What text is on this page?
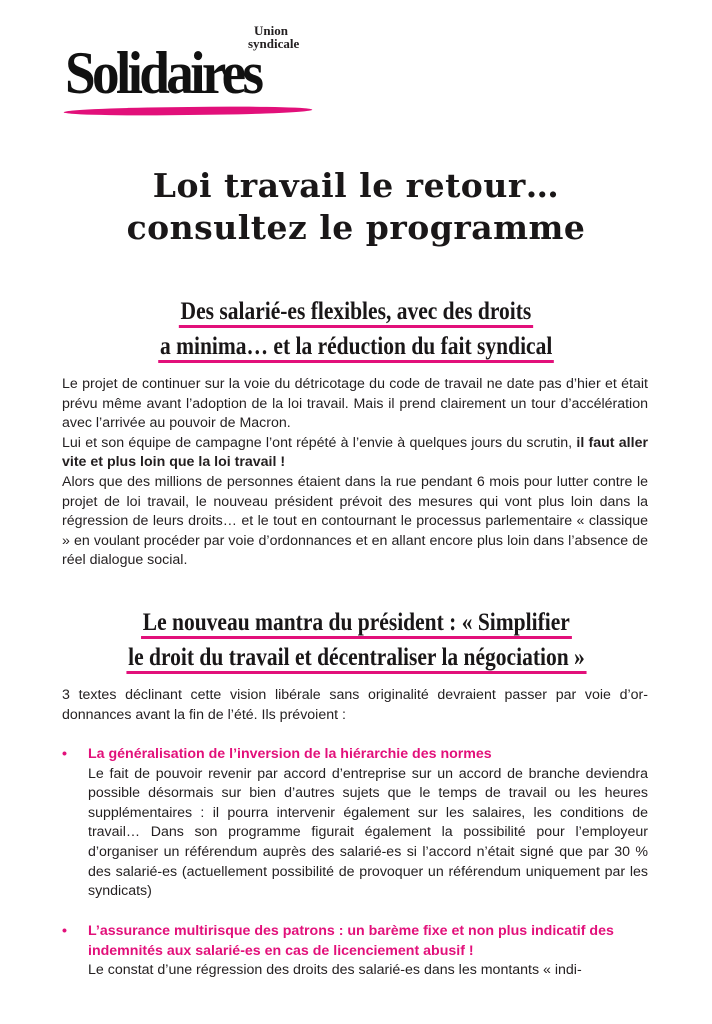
Union
syndicale
Solidaires
Loi travail le retour…
consultez le programme
Des salarié-es flexibles, avec des droits
a minima… et la réduction du fait syndical

Le projet de continuer sur la voie du détricotage du code de travail ne date pas d’hier et était prévu même avant l’adoption de la loi travail. Mais il prend clairement un tour d’accélération avec l’arrivée au pouvoir de Macron.

Lui et son équipe de campagne l’ont répété à l’envie à quelques jours du scrutin, il faut aller vite et plus loin que la loi travail !

Alors que des millions de personnes étaient dans la rue pendant 6 mois pour lutter contre le projet de loi travail, le nouveau président prévoit des mesures qui vont plus loin dans la régression de leurs droits… et le tout en contournant le processus parlementaire « classique » en voulant procéder par voie d’ordonnances et en allant encore plus loin dans l’absence de réel dialogue social.

Le nouveau mantra du président : « Simplifier
le droit du travail et décentraliser la négociation »

3 textes déclinant cette vision libérale sans originalité devraient passer par voie d’ordonnances avant la fin de l’été. Ils prévoient :

• La généralisation de l’inversion de la hiérarchie des normes
Le fait de pouvoir revenir par accord d’entreprise sur un accord de branche deviendra possible désormais sur bien d’autres sujets que le temps de travail ou les heures supplémentaires : il pourra intervenir également sur les salaires, les conditions de travail… Dans son programme figurait également la possibilité pour l’employeur d’organiser un référendum auprès des salarié-es si l’accord n’était signé que par 30 % des salarié-es (actuellement possibilité de provoquer un référendum uniquement par les syndicats)
• L’assurance multirisque des patrons : un barème fixe et non plus indicatif des indemnités aux salarié-es en cas de licenciement abusif !
Le constat d’une régression des droits des salarié-es dans les montants « indi-
